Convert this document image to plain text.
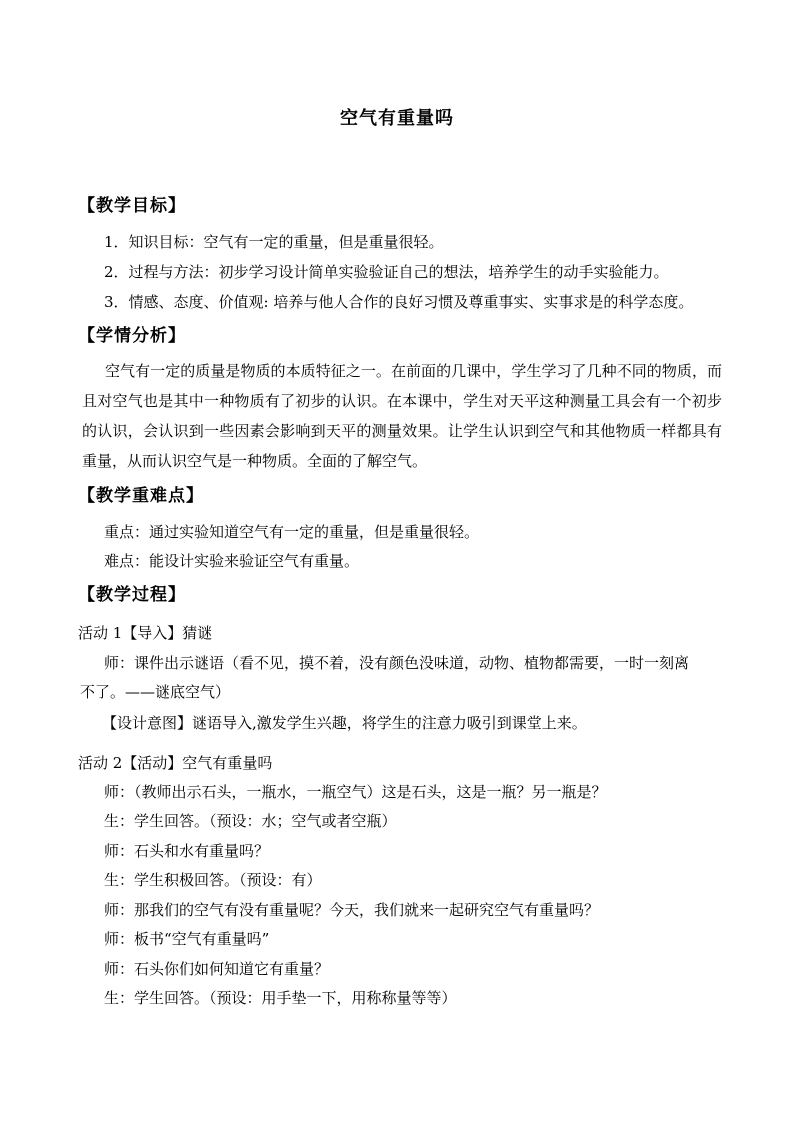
空气有重量吗
【教学目标】
1．知识目标：空气有一定的重量，但是重量很轻。
2．过程与方法：初步学习设计简单实验验证自己的想法，培养学生的动手实验能力。
3．情感、态度、价值观: 培养与他人合作的良好习惯及尊重事实、实事求是的科学态度。
【学情分析】
空气有一定的质量是物质的本质特征之一。在前面的几课中，学生学习了几种不同的物质，而且对空气也是其中一种物质有了初步的认识。在本课中，学生对天平这种测量工具会有一个初步的认识，会认识到一些因素会影响到天平的测量效果。让学生认识到空气和其他物质一样都具有重量，从而认识空气是一种物质。全面的了解空气。
【教学重难点】
重点：通过实验知道空气有一定的重量，但是重量很轻。
难点：能设计实验来验证空气有重量。
【教学过程】
活动 1【导入】猜谜
师：课件出示谜语（看不见，摸不着，没有颜色没味道，动物、植物都需要，一时一刻离
不了。——谜底空气）
【设计意图】谜语导入,激发学生兴趣，将学生的注意力吸引到课堂上来。
活动 2【活动】空气有重量吗
师：（教师出示石头，一瓶水，一瓶空气）这是石头，这是一瓶？另一瓶是？
生：学生回答。（预设：水；空气或者空瓶）
师：石头和水有重量吗？
生：学生积极回答。（预设：有）
师：那我们的空气有没有重量呢？今天，我们就来一起研究空气有重量吗？
师：板书“空气有重量吗”
师：石头你们如何知道它有重量？
生：学生回答。（预设：用手垫一下，用称称量等等）
